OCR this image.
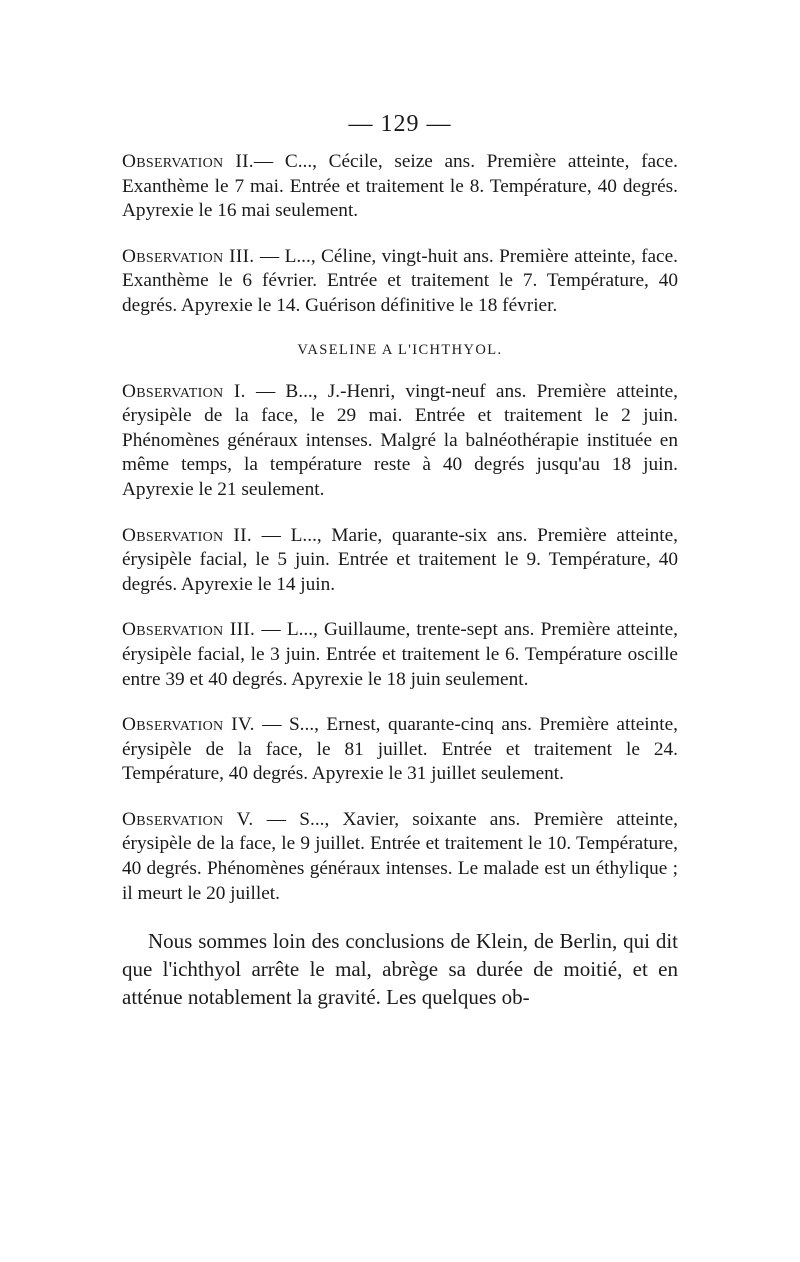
— 129 —

Observation II.— C..., Cécile, seize ans. Première atteinte, face. Exanthème le 7 mai. Entrée et traitement le 8. Température, 40 degrés. Apyrexie le 16 mai seulement.

Observation III. — L..., Céline, vingt-huit ans. Première atteinte, face. Exanthème le 6 février. Entrée et traitement le 7. Température, 40 degrés. Apyrexie le 14. Guérison définitive le 18 février.

VASELINE A L'ICHTHYOL.

Observation I. — B..., J.-Henri, vingt-neuf ans. Première atteinte, érysipèle de la face, le 29 mai. Entrée et traitement le 2 juin. Phénomènes généraux intenses. Malgré la balnéothérapie instituée en même temps, la température reste à 40 degrés jusqu'au 18 juin. Apyrexie le 21 seulement.

Observation II. — L..., Marie, quarante-six ans. Première atteinte, érysipèle facial, le 5 juin. Entrée et traitement le 9. Température, 40 degrés. Apyrexie le 14 juin.

Observation III. — L..., Guillaume, trente-sept ans. Première atteinte, érysipèle facial, le 3 juin. Entrée et traitement le 6. Température oscille entre 39 et 40 degrés. Apyrexie le 18 juin seulement.

Observation IV. — S..., Ernest, quarante-cinq ans. Première atteinte, érysipèle de la face, le 81 juillet. Entrée et traitement le 24. Température, 40 degrés. Apyrexie le 31 juillet seulement.

Observation V. — S..., Xavier, soixante ans. Première atteinte, érysipèle de la face, le 9 juillet. Entrée et traitement le 10. Température, 40 degrés. Phénomènes généraux intenses. Le malade est un éthylique ; il meurt le 20 juillet.

Nous sommes loin des conclusions de Klein, de Berlin, qui dit que l'ichthyol arrête le mal, abrège sa durée de moitié, et en atténue notablement la gravité. Les quelques ob-
